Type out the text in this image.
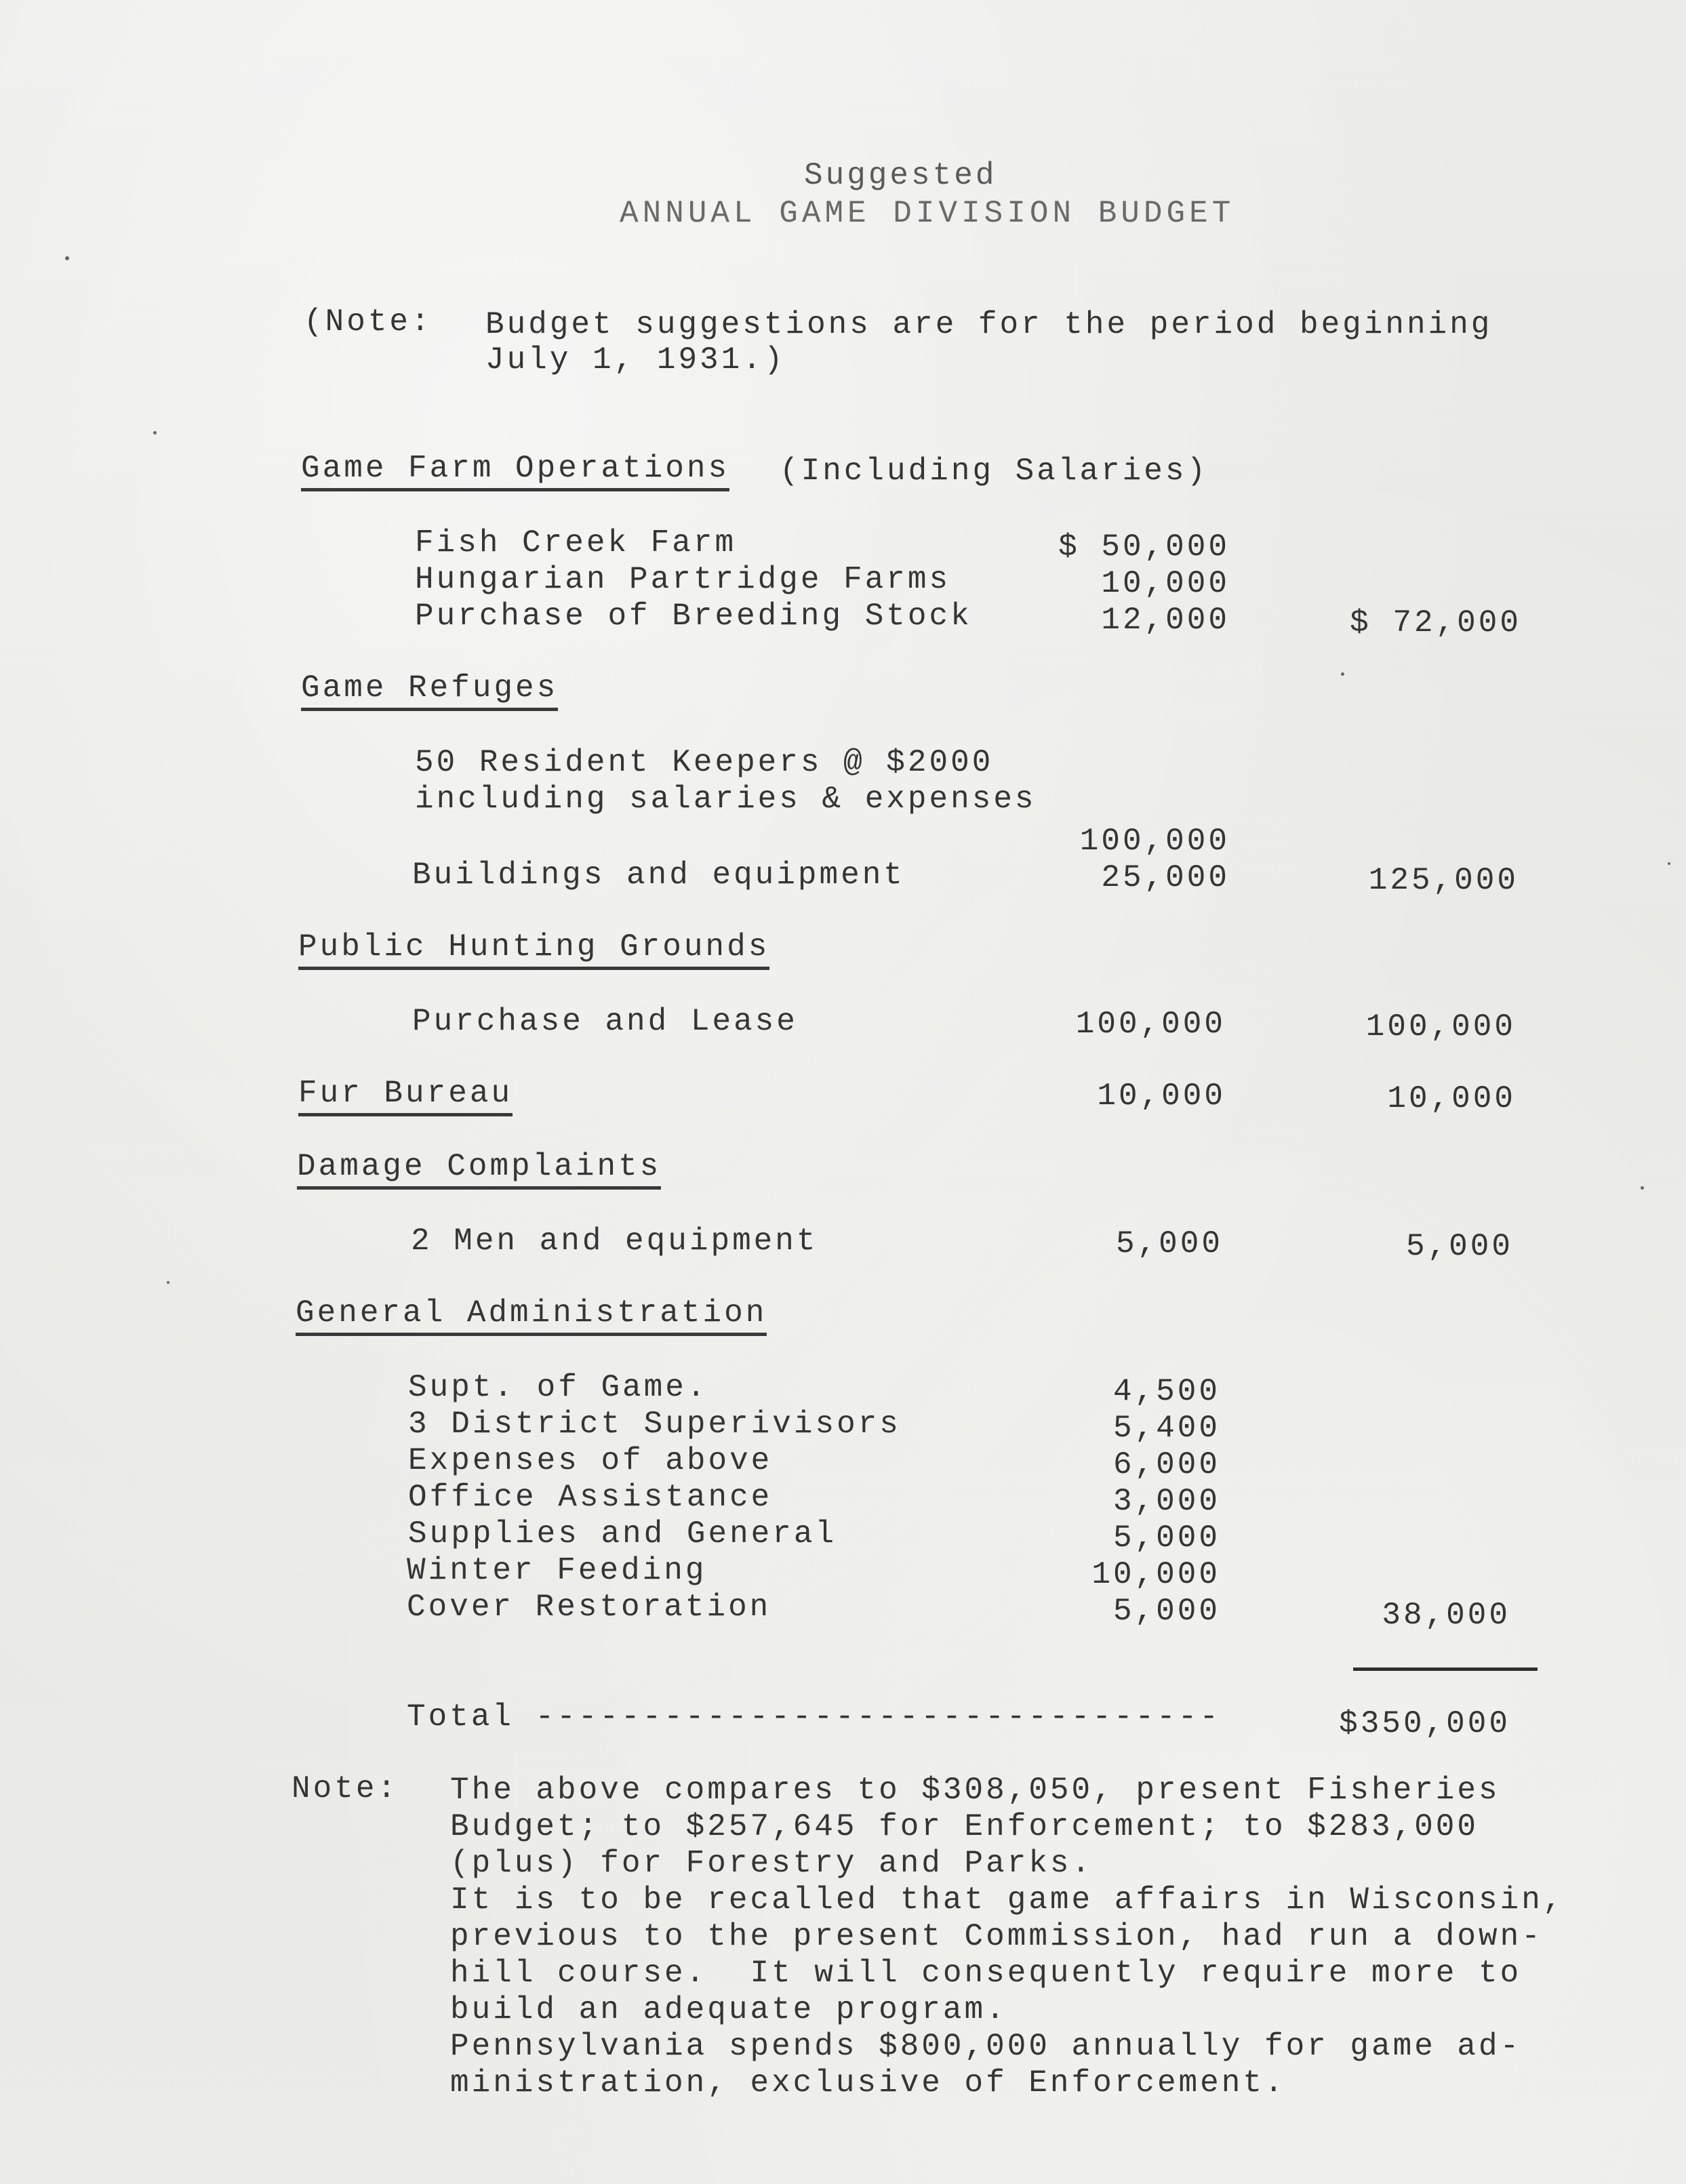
Suggested
ANNUAL GAME DIVISION BUDGET
(Note: Budget suggestions are for the period beginning
July 1, 1931.)
Game Farm Operations (Including Salaries)
Fish Creek Farm	$ 50,000
Hungarian Partridge Farms	10,000
Purchase of Breeding Stock	12,000	$ 72,000
Game Refuges
50 Resident Keepers @ $2000
including salaries & expenses
100,000
Buildings and equipment	25,000	125,000
Public Hunting Grounds
Purchase and Lease	100,000	100,000
Fur Bureau	10,000	10,000
Damage Complaints
2 Men and equipment	5,000	5,000
General Administration
Supt. of Game.	4,500
3 District Superivisors	5,400
Expenses of above	6,000
Office Assistance	3,000
Supplies and General	5,000
Winter Feeding	10,000
Cover Restoration	5,000	38,000
Total --------------------------------	$350,000
Note: The above compares to $308,050, present Fisheries
Budget; to $257,645 for Enforcement; to $283,000
(plus) for Forestry and Parks.
It is to be recalled that game affairs in Wisconsin,
previous to the present Commission, had run a down-
hill course.  It will consequently require more to
build an adequate program.
Pennsylvania spends $800,000 annually for game ad-
ministration, exclusive of Enforcement.
